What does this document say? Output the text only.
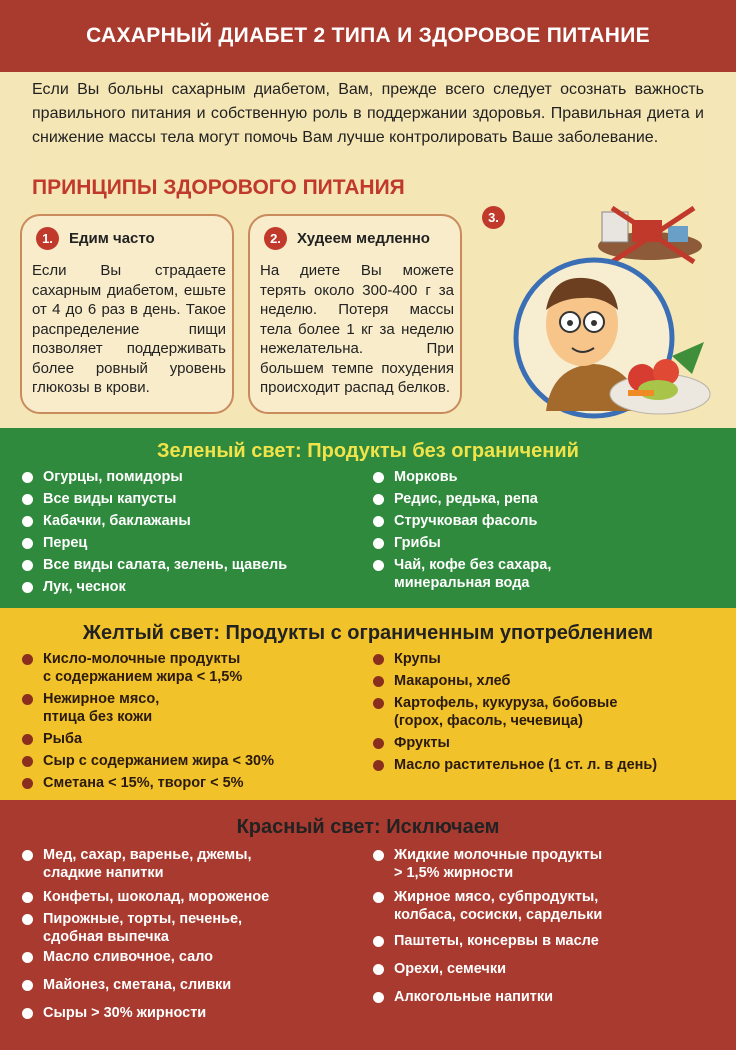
САХАРНЫЙ ДИАБЕТ 2 ТИПА И ЗДОРОВОЕ ПИТАНИЕ

Если Вы больны сахарным диабетом, Вам, прежде всего следует осознать важность правильного питания и собственную роль в поддержании здоровья. Правильная диета и снижение массы тела могут помочь Вам лучше контролировать Ваше заболевание.

ПРИНЦИПЫ ЗДОРОВОГО ПИТАНИЯ
1.	Едим часто
Если Вы страдаете сахарным диабетом, ешьте от 4 до 6 раз в день. Такое распределение пищи позволяет поддерживать более ровный уровень глюкозы в крови.
2.	Худеем медленно
На диете Вы можете терять около 300-400 г за неделю. Потеря массы тела более 1 кг за неделю нежелательна. При большем темпе похудения происходит распад белков.
3.
Зеленый свет: Продукты без ограничений
Огурцы, помидоры
Все виды капусты
Кабачки, баклажаны
Перец
Все виды салата, зелень, щавель
Лук, чеснок
Морковь
Редис, редька, репа
Стручковая фасоль
Грибы
Чай, кофе без сахара,
минеральная вода
Желтый свет: Продукты с ограниченным употреблением
Кисло-молочные продукты
с содержанием жира < 1,5%
Нежирное мясо,
птица без кожи
Рыба
Сыр с содержанием жира < 30%
Сметана < 15%, творог < 5%
Крупы
Макароны, хлеб
Картофель, кукуруза, бобовые
(горох, фасоль, чечевица)
Фрукты
Масло растительное (1 ст. л. в день)
Красный свет: Исключаем
Мед, сахар, варенье, джемы,
сладкие напитки
Конфеты, шоколад, мороженое
Пирожные, торты, печенье,
сдобная выпечка
Масло сливочное, сало
Майонез, сметана, сливки
Сыры > 30% жирности
Жидкие молочные продукты
> 1,5% жирности
Жирное мясо, субпродукты,
колбаса, сосиски, сардельки
Паштеты, консервы в масле
Орехи, семечки
Алкогольные напитки
